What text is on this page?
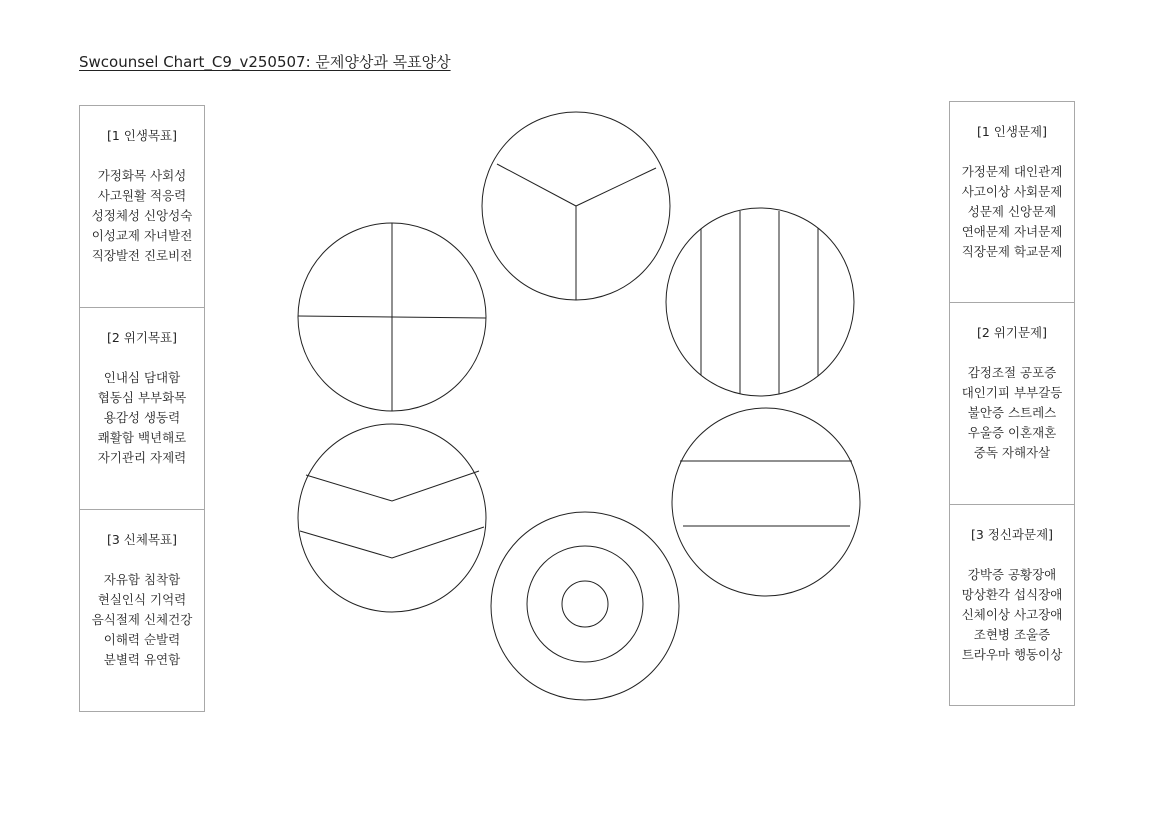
Swcounsel Chart_C9_v250507: 문제양상과 목표양상
[1 인생목표]
가정화목 사회성
사고원활 적응력
성정체성 신앙성숙
이성교제 자녀발전
직장발전 진로비전
[2 위기목표]
인내심 담대함
협동심 부부화목
용감성 생동력
쾌활함 백년해로
자기관리 자제력
[3 신체목표]
자유함 침착함
현실인식 기억력
음식절제 신체건강
이해력 순발력
분별력 유연함
[1 인생문제]
가정문제 대인관계
사고이상 사회문제
성문제 신앙문제
연애문제 자녀문제
직장문제 학교문제
[2 위기문제]
감정조절 공포증
대인기피 부부갈등
불안증 스트레스
우울증 이혼재혼
중독 자해자살
[3 정신과문제]
강박증 공황장애
망상환각 섭식장애
신체이상 사고장애
조현병 조울증
트라우마 행동이상
